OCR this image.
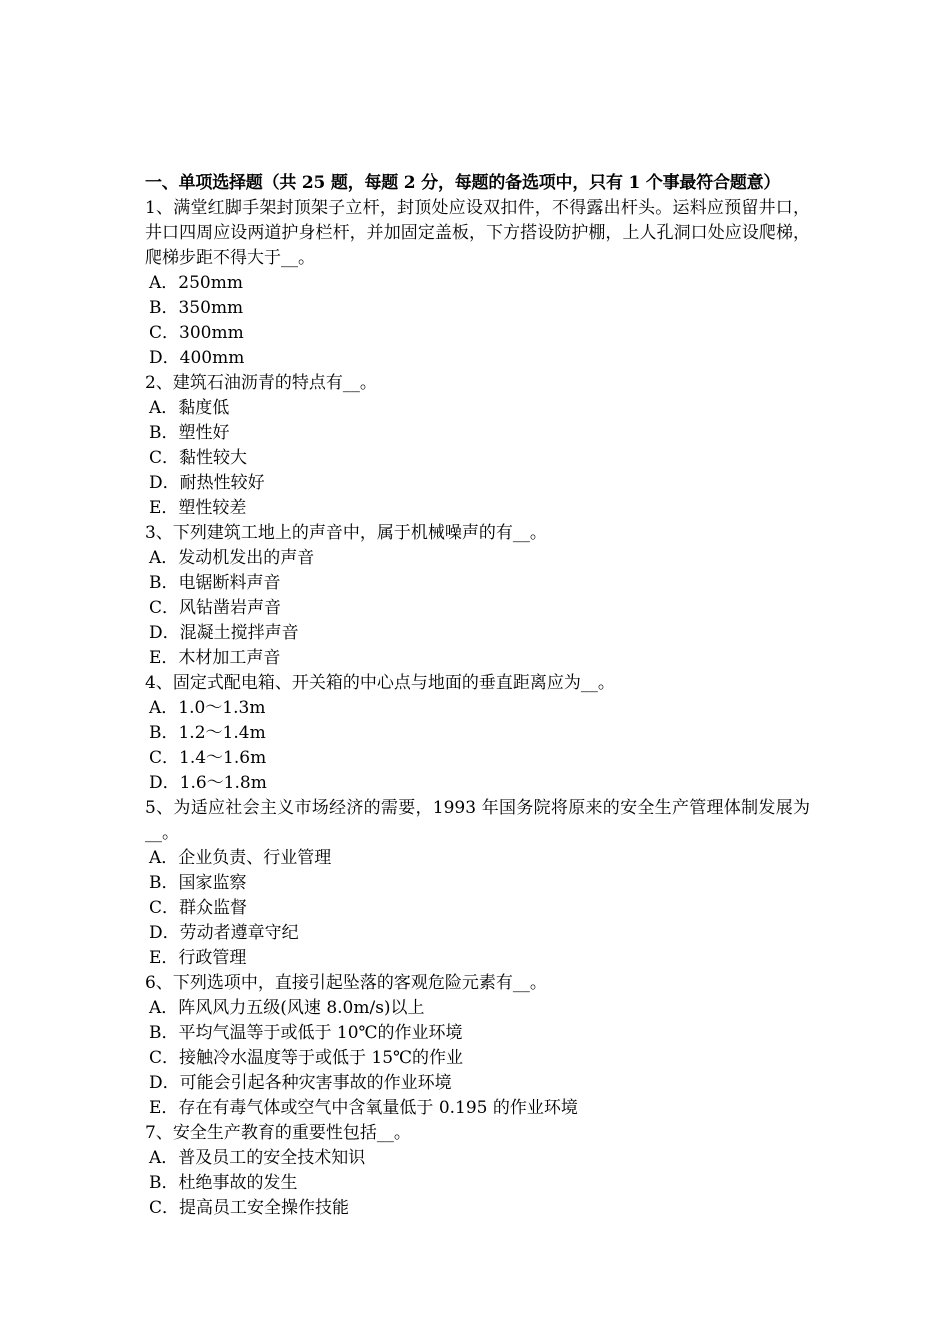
一、单项选择题（共 25 题，每题 2 分，每题的备选项中，只有 1 个事最符合题意）
1、满堂红脚手架封顶架子立杆，封顶处应设双扣件，不得露出杆头。运料应预留井口，井口四周应设两道护身栏杆，并加固定盖板，下方搭设防护棚，上人孔洞口处应设爬梯，爬梯步距不得大于__。
A．250mm
B．350mm
C．300mm
D．400mm
2、建筑石油沥青的特点有__。
A．黏度低
B．塑性好
C．黏性较大
D．耐热性较好
E．塑性较差
3、下列建筑工地上的声音中，属于机械噪声的有__。
A．发动机发出的声音
B．电锯断料声音
C．风钻凿岩声音
D．混凝土搅拌声音
E．木材加工声音
4、固定式配电箱、开关箱的中心点与地面的垂直距离应为__。
A．1.0～1.3m
B．1.2～1.4m
C．1.4～1.6m
D．1.6～1.8m
5、为适应社会主义市场经济的需要，1993 年国务院将原来的安全生产管理体制发展为__。
A．企业负责、行业管理
B．国家监察
C．群众监督
D．劳动者遵章守纪
E．行政管理
6、下列选项中，直接引起坠落的客观危险元素有__。
A．阵风风力五级(风速 8.0m/s)以上
B．平均气温等于或低于 10℃的作业环境
C．接触冷水温度等于或低于 15℃的作业
D．可能会引起各种灾害事故的作业环境
E．存在有毒气体或空气中含氧量低于 0.195 的作业环境
7、安全生产教育的重要性包括__。
A．普及员工的安全技术知识
B．杜绝事故的发生
C．提高员工安全操作技能
